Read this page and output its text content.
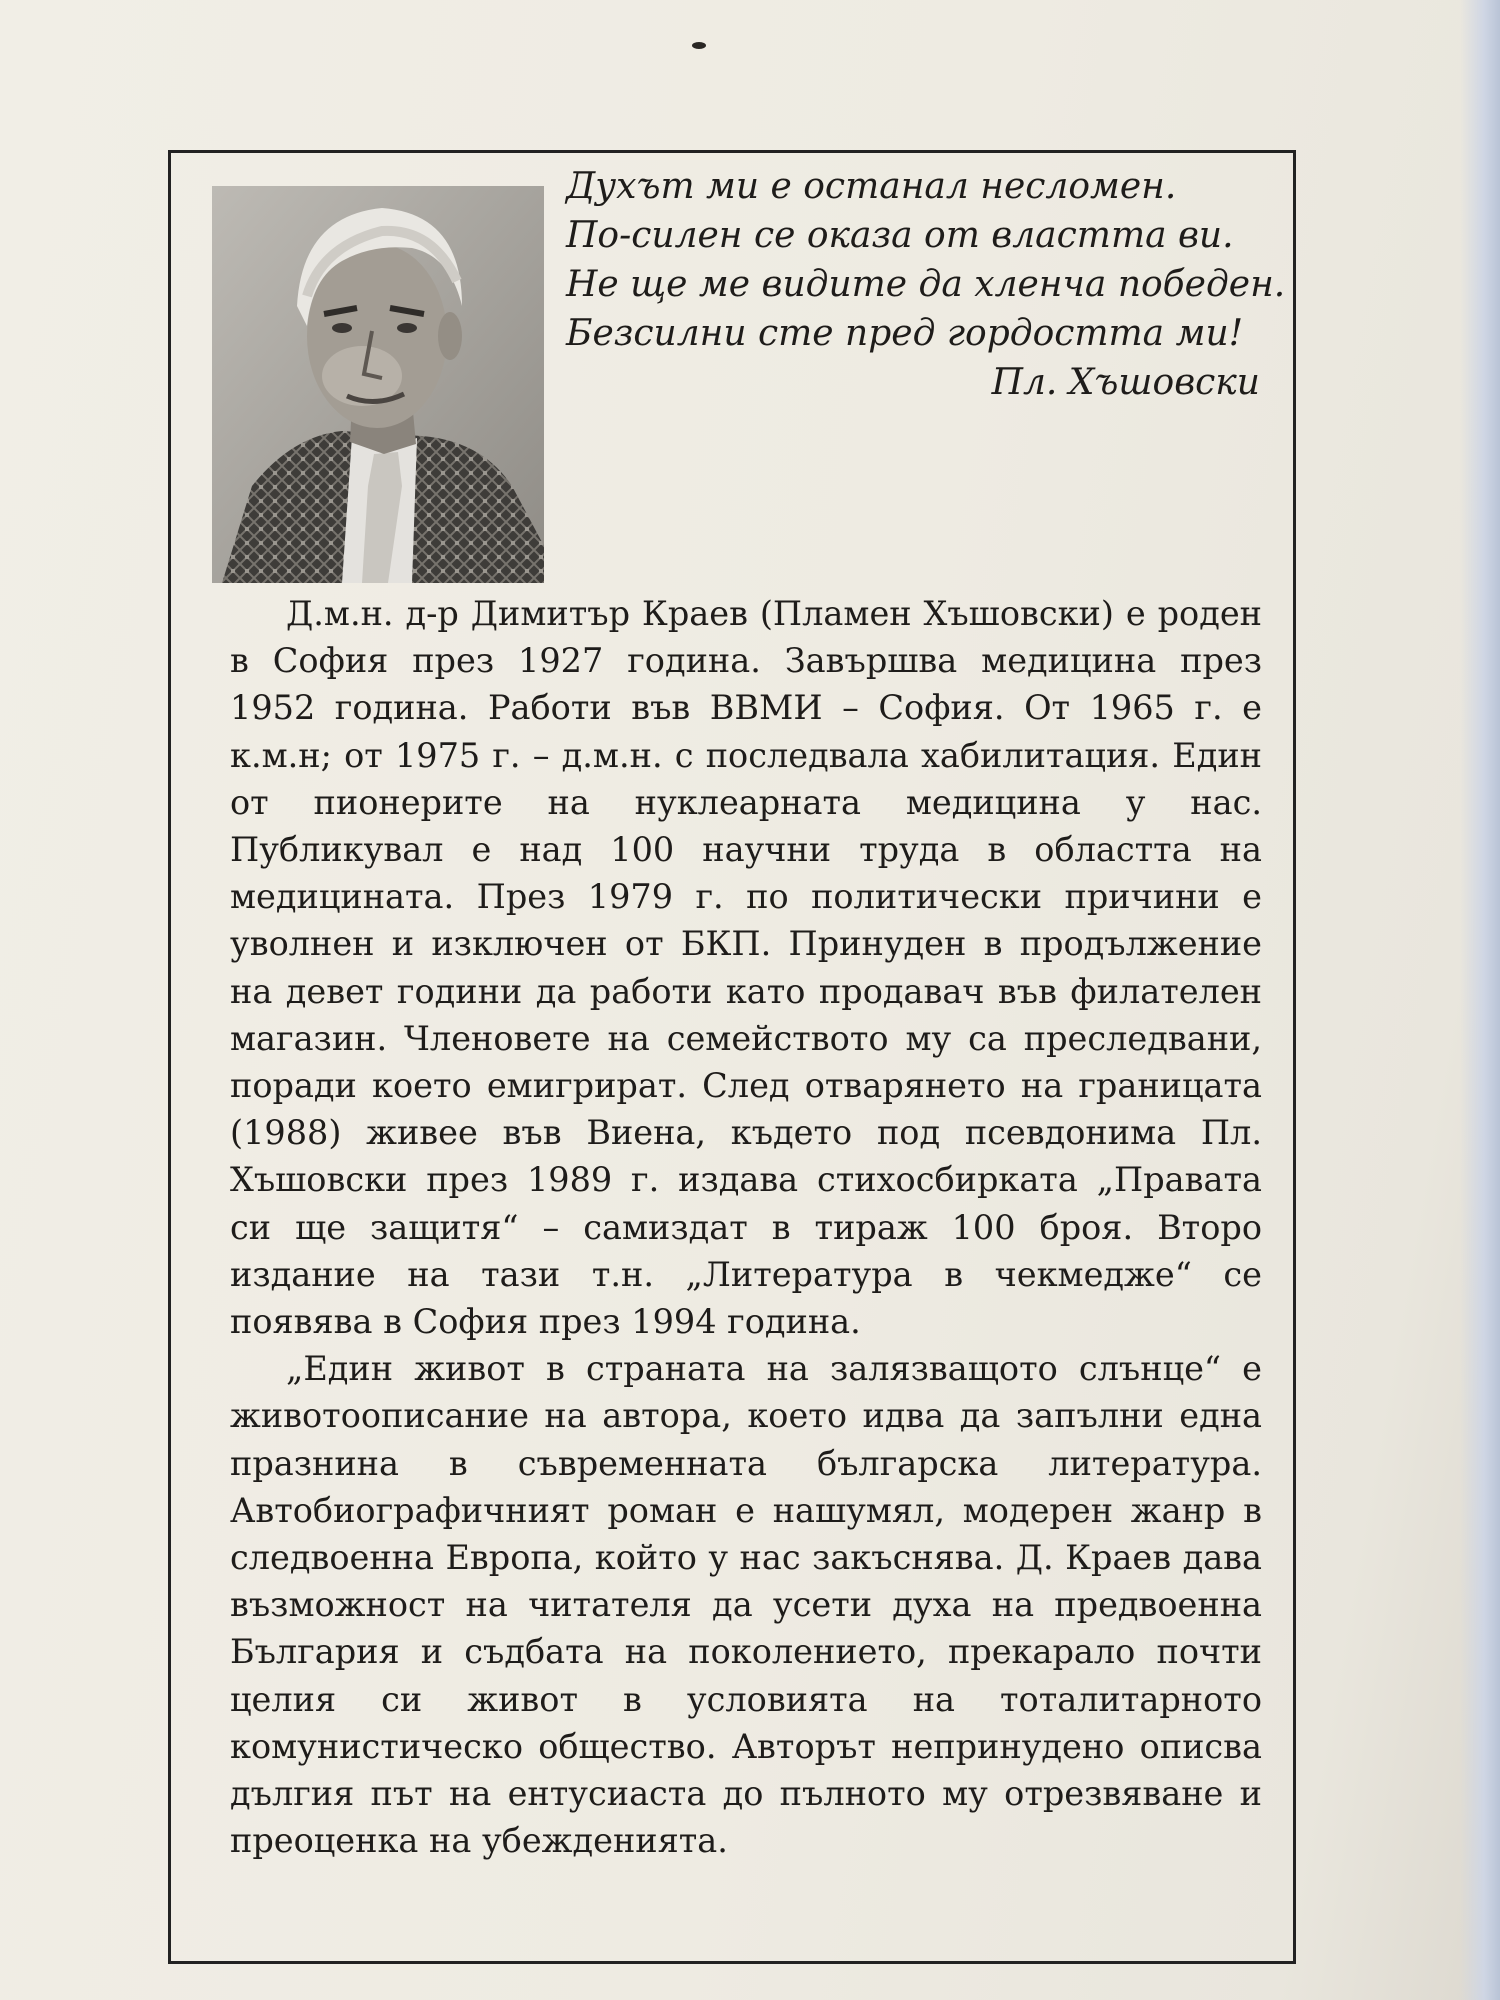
Духът ми е останал несломен.
По-силен се оказа от властта ви.
Не ще ме видите да хленча победен.
Безсилни сте пред гордостта ми!
Пл. Хъшовски

Д.м.н. д-р Димитър Краев (Пламен Хъшовски) е роден в София през 1927 година. Завършва медицина през 1952 година. Работи във ВВМИ – София. От 1965 г. е к.м.н; от 1975 г. – д.м.н. с последвала хабилитация. Един от пионерите на нуклеарната медицина у нас. Публикувал е над 100 научни труда в областта на медицината. През 1979 г. по политически причини е уволнен и изключен от БКП. Принуден в продължение на девет години да работи като продавач във филателен магазин. Членовете на семейството му са преследвани, поради което емигрират. След отварянето на границата (1988) живее във Виена, където под псевдонима Пл. Хъшовски през 1989 г. издава стихосбирката „Правата си ще защитя“ – самиздат в тираж 100 броя. Второ издание на тази т.н. „Литература в чекмедже“ се появява в София през 1994 година.

„Един живот в страната на залязващото слънце“ е животоописание на автора, което идва да запълни една празнина в съвременната българска литература. Автобиографичният роман е нашумял, модерен жанр в следвоенна Европа, който у нас закъснява. Д. Краев дава възможност на читателя да усети духа на предвоенна България и съдбата на поколението, прекарало почти целия си живот в условията на тоталитарното комунистическо общество. Авторът непринудено описва дългия път на ентусиаста до пълното му отрезвяване и преоценка на убежденията.
